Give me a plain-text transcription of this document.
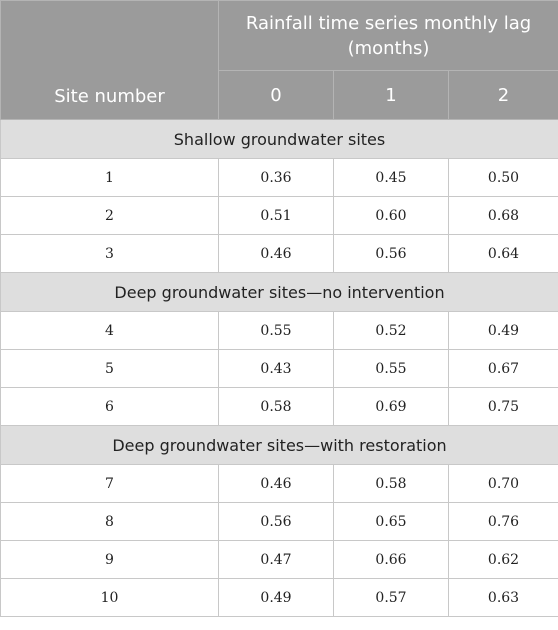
Site number	Rainfall time series monthly lag (months)		
	0	1	2
Shallow groundwater sites			
1	0.36	0.45	0.50
2	0.51	0.60	0.68
3	0.46	0.56	0.64
Deep groundwater sites—no intervention			
4	0.55	0.52	0.49
5	0.43	0.55	0.67
6	0.58	0.69	0.75
Deep groundwater sites—with restoration			
7	0.46	0.58	0.70
8	0.56	0.65	0.76
9	0.47	0.66	0.62
10	0.49	0.57	0.63
